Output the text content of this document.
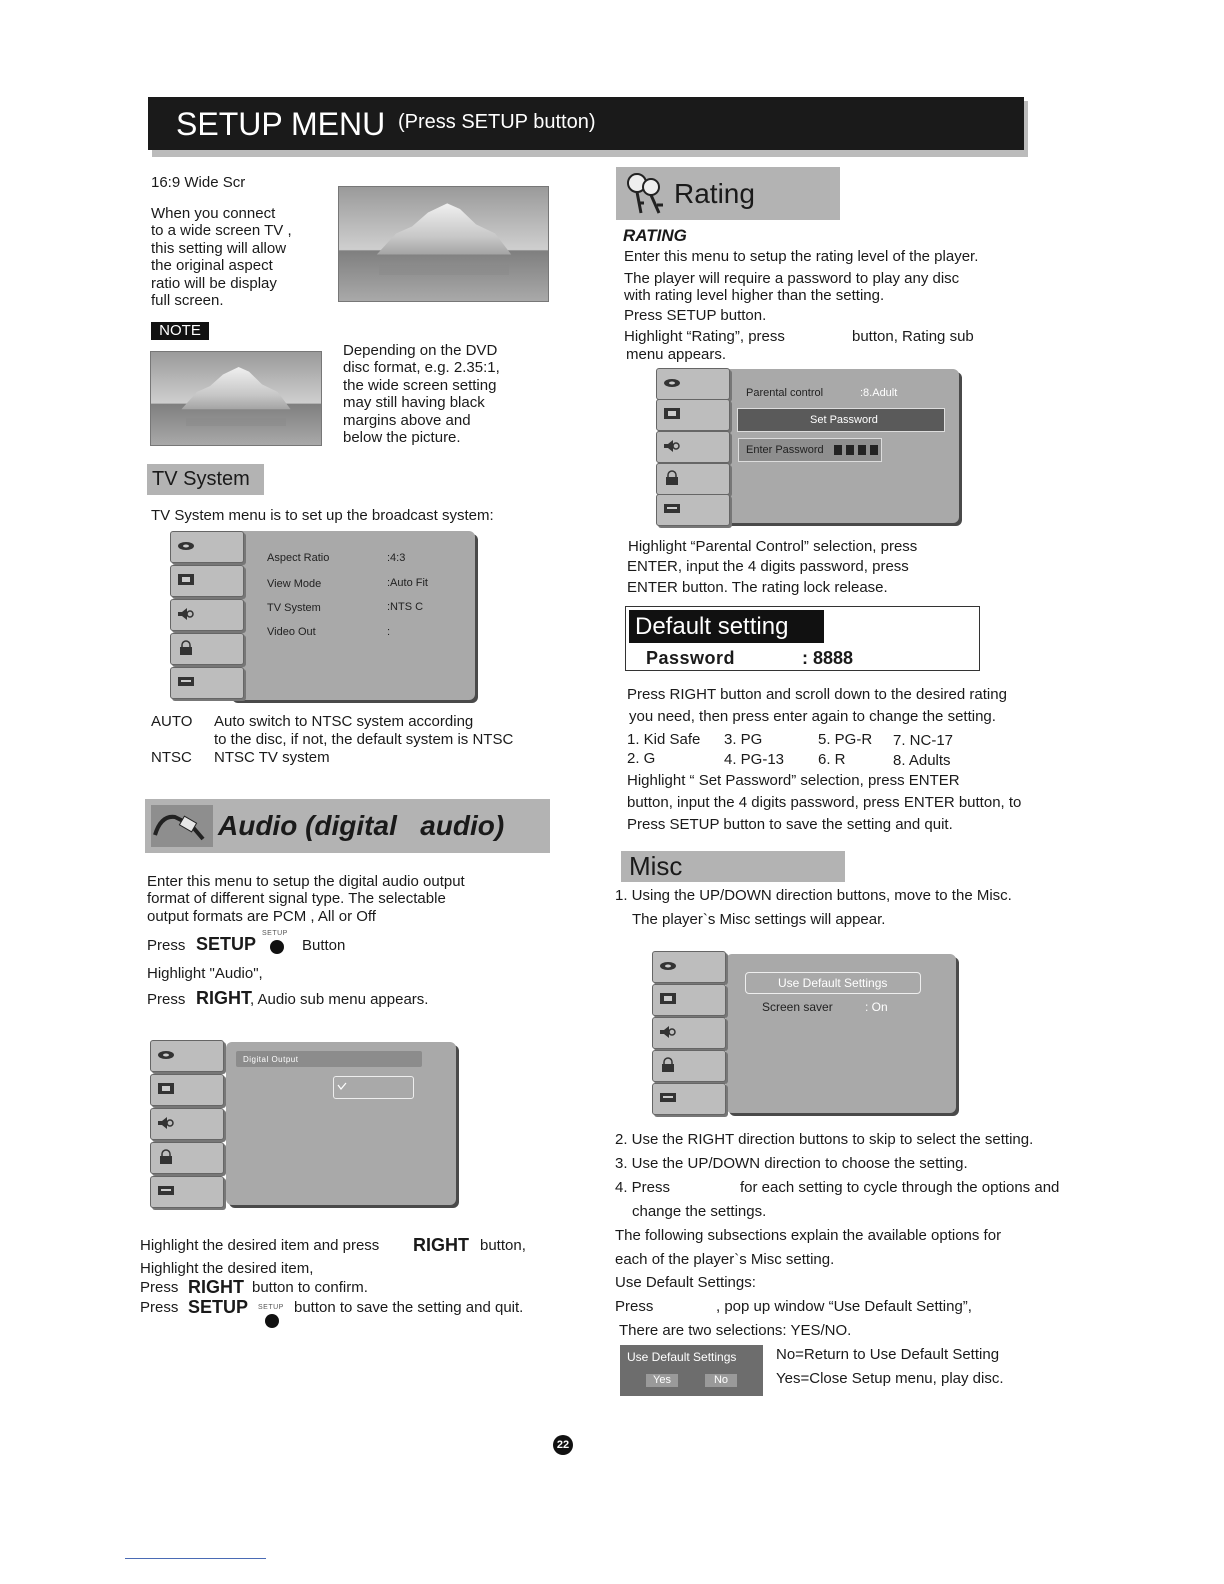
SETUP MENU (Press SETUP button)
16:9 Wide Scr
When you connect
to a wide screen TV ,
this setting will allow
the original aspect
ratio will be display
full screen.
NOTE
Depending on the DVD
disc format, e.g. 2.35:1,
the wide screen setting
may still having black
margins above and
below the picture.
TV System
TV System menu is to set up the broadcast system:
Aspect Ratio	:4:3
View Mode	:Auto Fit
TV System	:NTS C
Video Out	:
AUTO Auto switch to NTSC system according
to the disc, if not, the default system is NTSC
NTSC NTSC TV system
Audio (digital   audio)
Enter this menu to setup the digital audio output
format of different signal type. The selectable
output formats are PCM , All or Off
Press SETUP
SETUP
Button
Highlight "Audio",
Press RIGHT
, Audio sub menu appears.
Digital Output
Highlight the desired item and press RIGHT button,
Highlight the desired item,
Press RIGHT button to confirm.
Press SETUP SETUP button to save the setting and quit.
Rating
RATING
Enter this menu to setup the rating level of the player.
The player will require a password to play any disc
with rating level higher than the setting.
Press SETUP button.
Highlight “Rating”, press	button, Rating sub
menu appears.
Parental control	:8.Adult
Set Password
Enter Password
Highlight “Parental Control” selection, press
ENTER, input the 4 digits password, press
ENTER button. The rating lock release.
Default setting
Password	: 8888
Press RIGHT button and scroll down to the desired rating
you need, then press enter again to change the setting.
1. Kid Safe 3. PG	5. PG-R 7. NC-17
2. G	4. PG-13 6. R	8. Adults
Highlight “ Set Password” selection, press ENTER
button, input the 4 digits password, press ENTER button, to
Press SETUP button to save the setting and quit.
Misc
1. Using the UP/DOWN direction buttons, move to the Misc.
The player`s Misc settings will appear.
Use Default Settings
Screen saver	: On
2. Use the RIGHT direction buttons to skip to select the setting.
3. Use the UP/DOWN direction to choose the setting.
4. Press	for each setting to cycle through the options and
change the settings.
The following subsections explain the available options for
each of the player`s Misc setting.
Use Default Settings:
Press	, pop up window “Use Default Setting”,
There are two selections: YES/NO.
Use Default Settings
Yes	No
No=Return to Use Default Setting
Yes=Close Setup menu, play disc.
22
